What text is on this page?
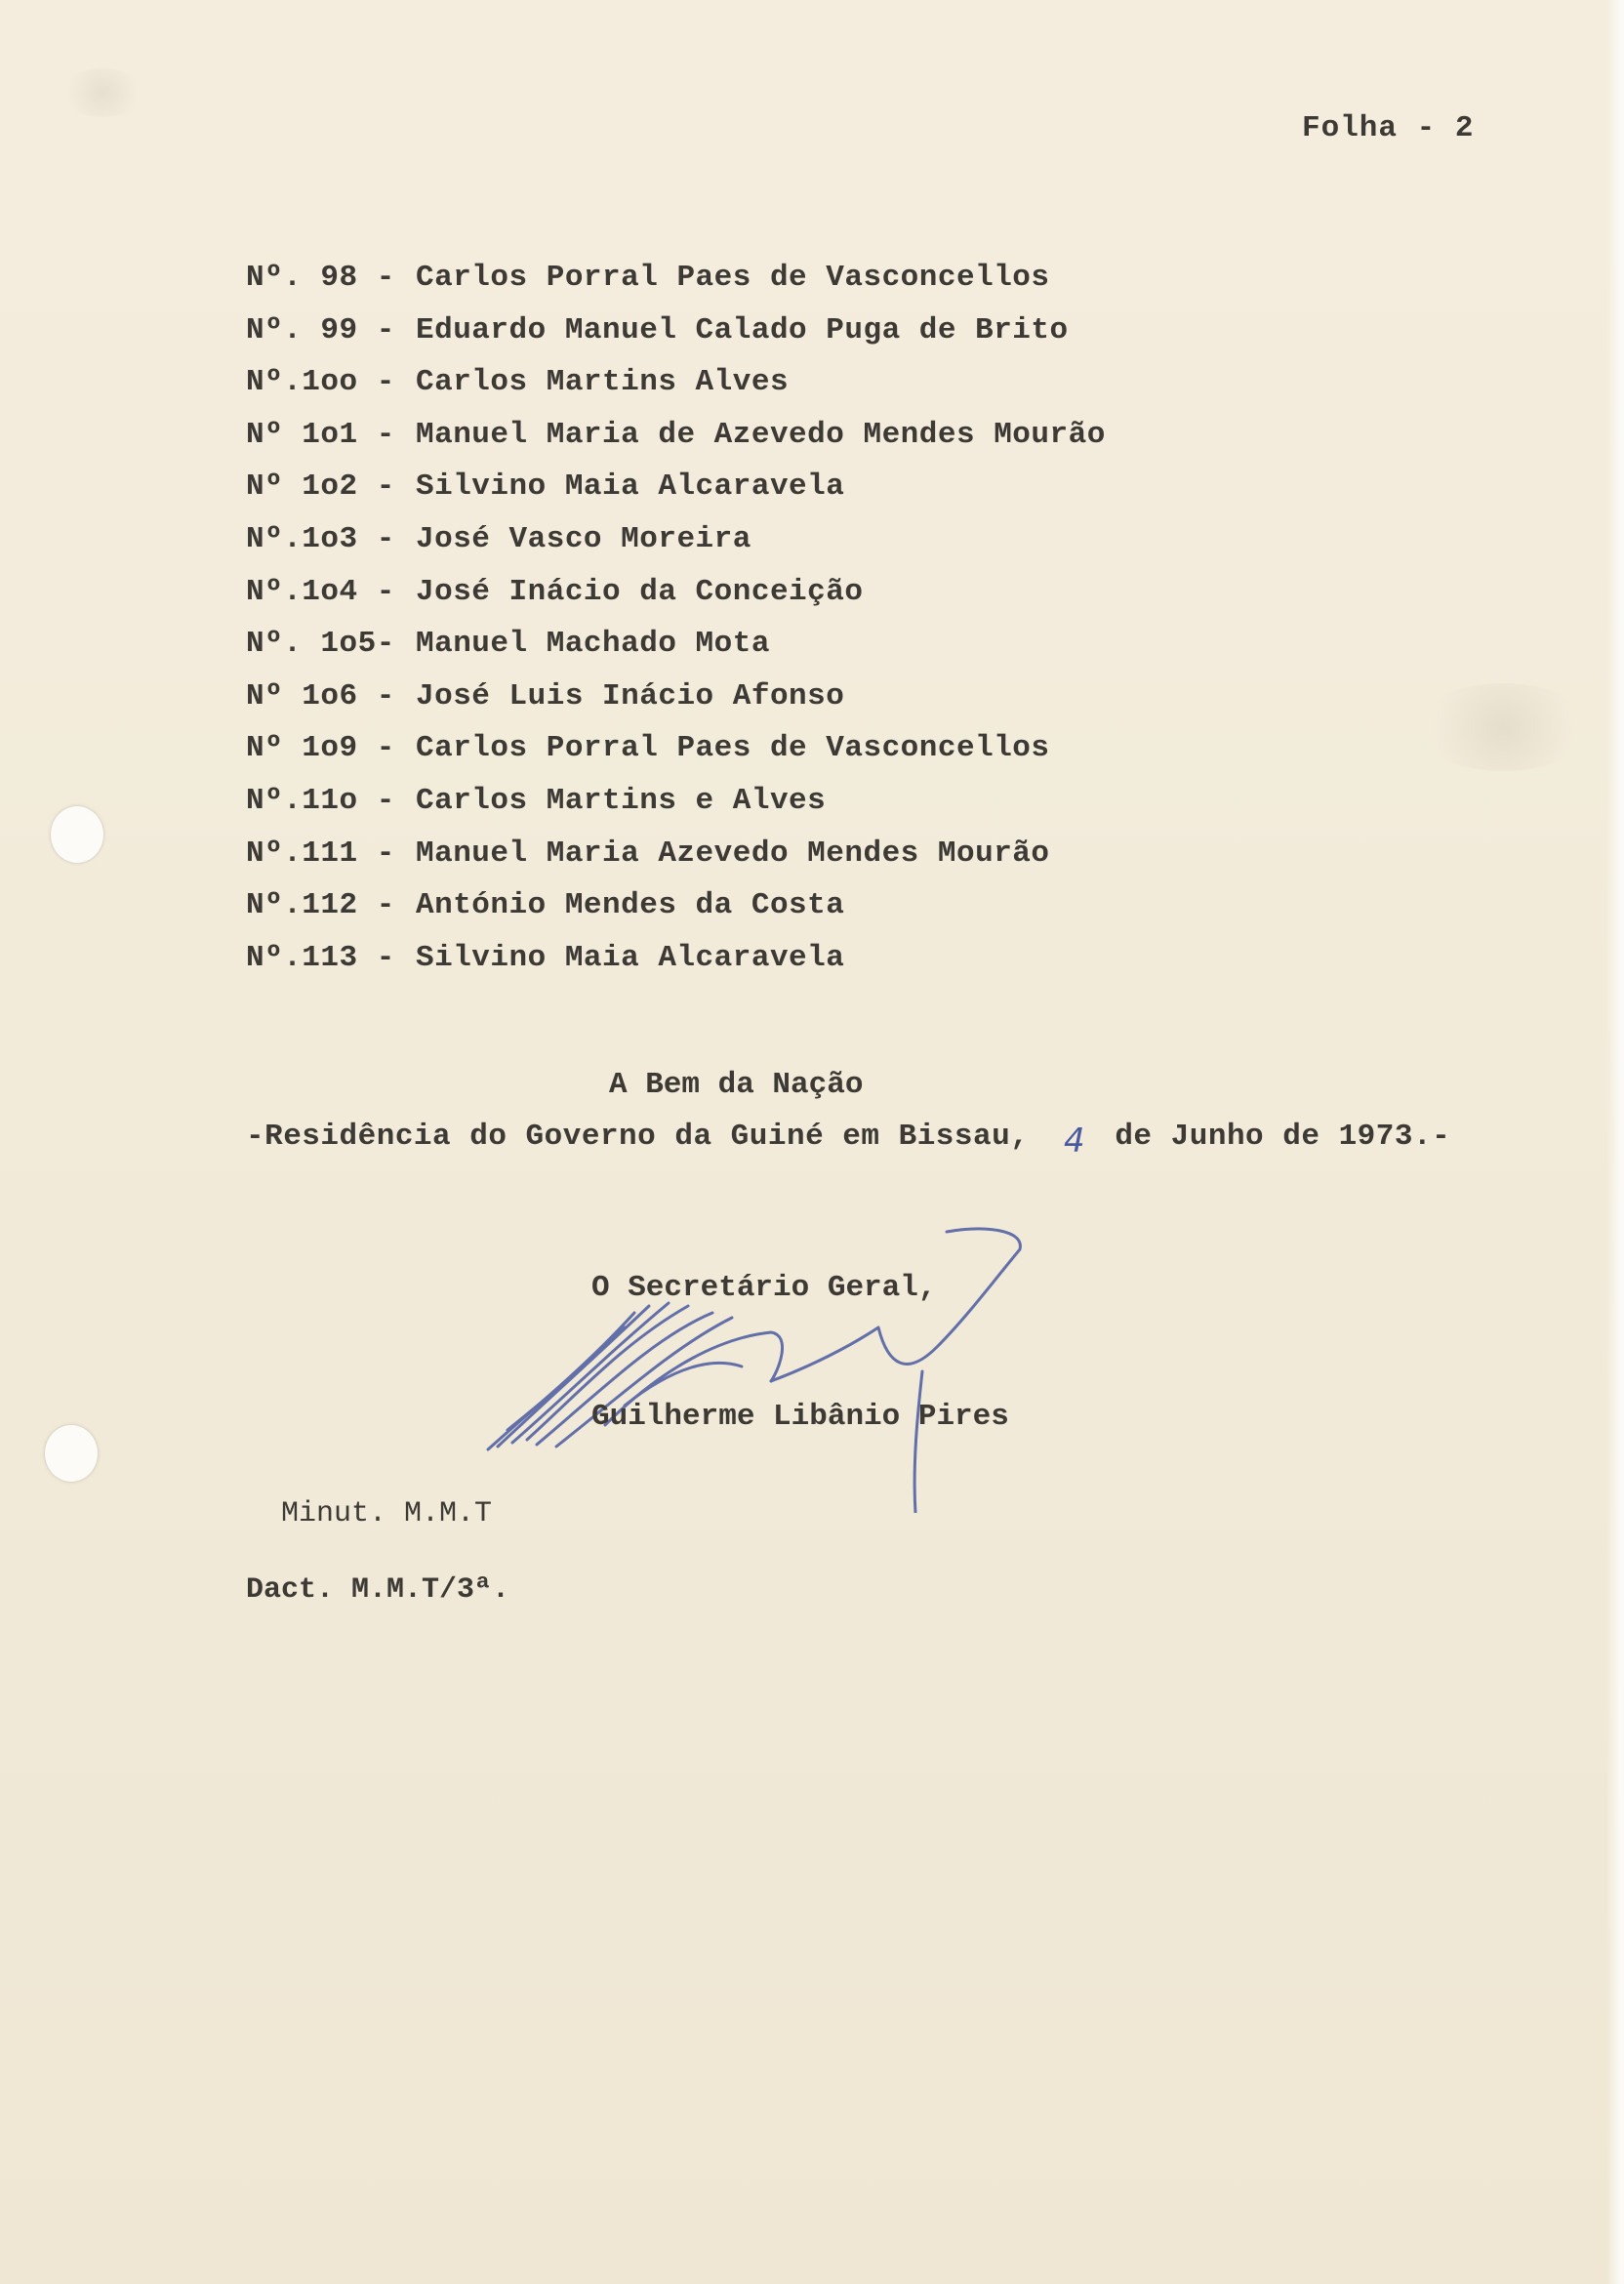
Folha - 2
Nº. 98 - Carlos Porral Paes de Vasconcellos
Nº. 99 - Eduardo Manuel Calado Puga de Brito
Nº.1oo - Carlos Martins Alves
Nº 1o1 - Manuel Maria de Azevedo Mendes Mourão
Nº 1o2 - Silvino Maia Alcaravela
Nº.1o3 - José Vasco Moreira
Nº.1o4 - José Inácio da Conceição
Nº. 1o5- Manuel Machado Mota
Nº 1o6 - José Luis Inácio Afonso
Nº 1o9 - Carlos Porral Paes de Vasconcellos
Nº.11o - Carlos Martins e Alves
Nº.111 - Manuel Maria Azevedo Mendes Mourão
Nº.112 - António Mendes da Costa
Nº.113 - Silvino Maia Alcaravela
A Bem da Nação
-Residência do Governo da Guiné em Bissau,	de Junho de 1973.-
4
O Secretário Geral,
Guilherme Libânio Pires
Minut. M.M.T
Dact. M.M.T/3ª.
